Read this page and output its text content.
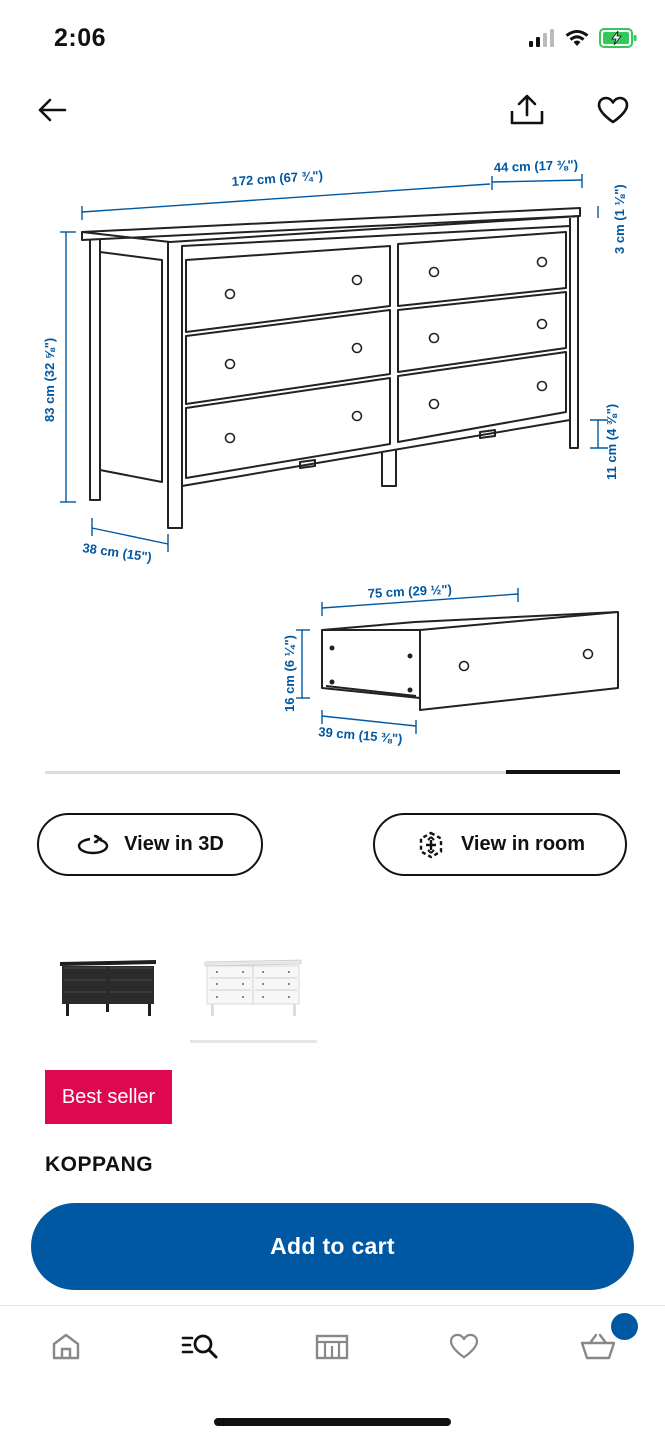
2:06
172 cm (67 ¾")
44 cm (17 ⅜")
3 cm (1 ⅛")
83 cm (32 ⅝")
11 cm (4 ⅜")
38 cm (15")
75 cm (29 ½")
16 cm (6 ¼")
39 cm (15 ⅜")
View in 3D	View in room
Best seller
KOPPANG
Add to cart
